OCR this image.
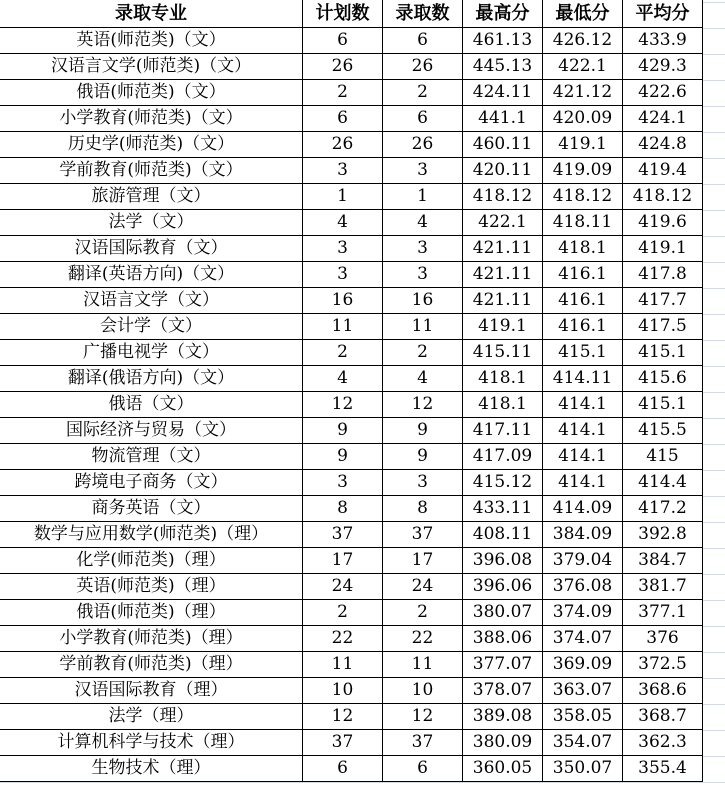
录取专业	计划数	录取数	最高分	最低分	平均分
英语(师范类)（文）	6	6	461.13	426.12	433.9
汉语言文学(师范类)（文）	26	26	445.13	422.1	429.3
俄语(师范类)（文）	2	2	424.11	421.12	422.6
小学教育(师范类)（文）	6	6	441.1	420.09	424.1
历史学(师范类)（文）	26	26	460.11	419.1	424.8
学前教育(师范类)（文）	3	3	420.11	419.09	419.4
旅游管理（文）	1	1	418.12	418.12	418.12
法学（文）	4	4	422.1	418.11	419.6
汉语国际教育（文）	3	3	421.11	418.1	419.1
翻译(英语方向)（文）	3	3	421.11	416.1	417.8
汉语言文学（文）	16	16	421.11	416.1	417.7
会计学（文）	11	11	419.1	416.1	417.5
广播电视学（文）	2	2	415.11	415.1	415.1
翻译(俄语方向)（文）	4	4	418.1	414.11	415.6
俄语（文）	12	12	418.1	414.1	415.1
国际经济与贸易（文）	9	9	417.11	414.1	415.5
物流管理（文）	9	9	417.09	414.1	415
跨境电子商务（文）	3	3	415.12	414.1	414.4
商务英语（文）	8	8	433.11	414.09	417.2
数学与应用数学(师范类)（理）	37	37	408.11	384.09	392.8
化学(师范类)（理）	17	17	396.08	379.04	384.7
英语(师范类)（理）	24	24	396.06	376.08	381.7
俄语(师范类)（理）	2	2	380.07	374.09	377.1
小学教育(师范类)（理）	22	22	388.06	374.07	376
学前教育(师范类)（理）	11	11	377.07	369.09	372.5
汉语国际教育（理）	10	10	378.07	363.07	368.6
法学（理）	12	12	389.08	358.05	368.7
计算机科学与技术（理）	37	37	380.09	354.07	362.3
生物技术（理）	6	6	360.05	350.07	355.4
